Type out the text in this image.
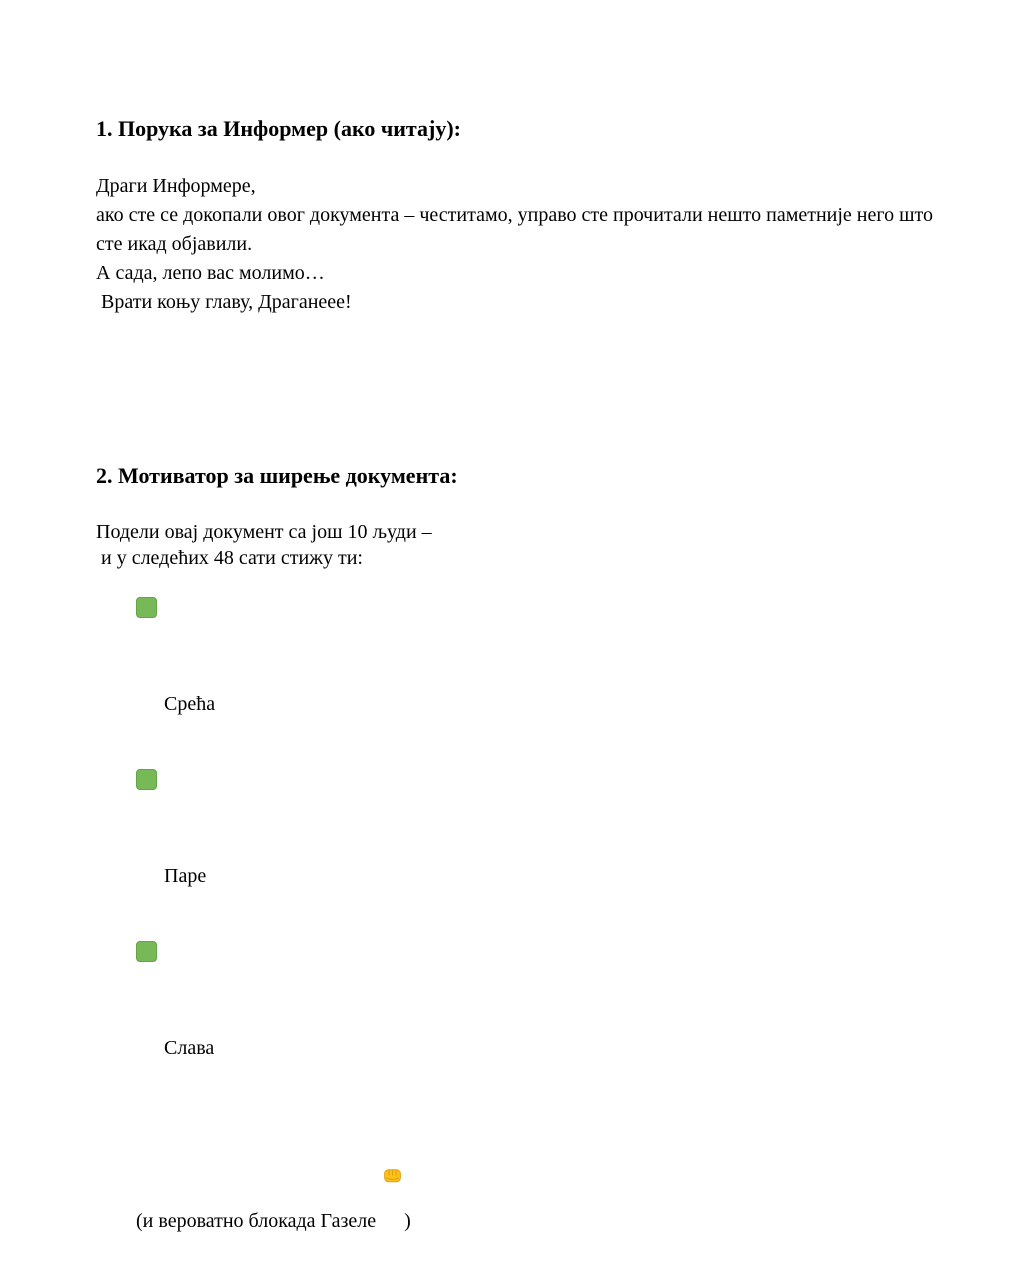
1. Порука за Информер (ако читају):
Драги Информере,
ако сте се докопали овог документа – честитамо, управо сте прочитали нешто паметније него што
сте икад објавили.
А сада, лепо вас молимо…
Врати коњу главу, Драганеее!
2. Мотиватор за ширење документа:
Подели овај документ са још 10 људи –
и у следећих 48 сати стижу ти:

Срећа

Паре

Слава

(и вероватно блокада Газеле

)
